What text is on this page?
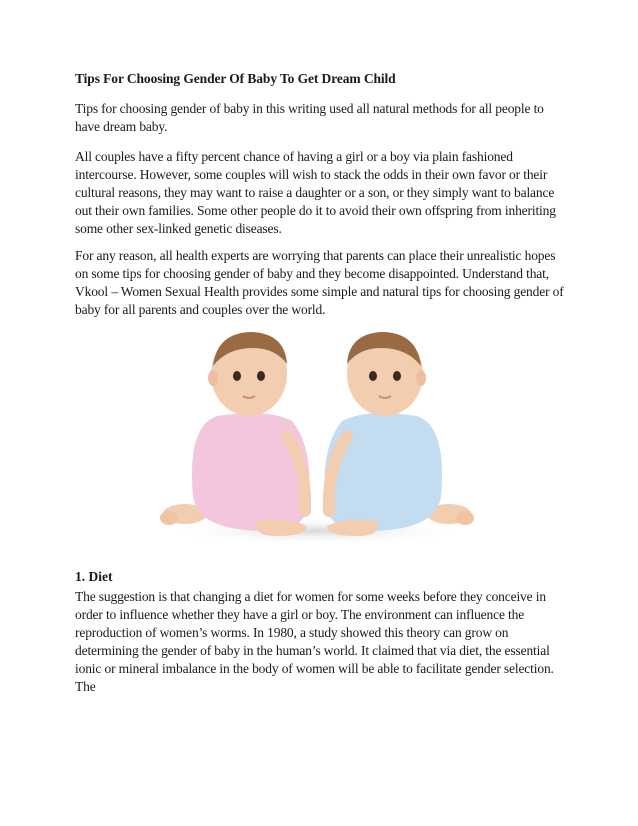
Tips For Choosing Gender Of Baby To Get Dream Child

Tips for choosing gender of baby in this writing used all natural methods for all people to have dream baby.

All couples have a fifty percent chance of having a girl or a boy via plain fashioned intercourse. However, some couples will wish to stack the odds in their own favor or their cultural reasons, they may want to raise a daughter or a son, or they simply want to balance out their own families. Some other people do it to avoid their own offspring from inheriting some other sex-linked genetic diseases.

For any reason, all health experts are worrying that parents can place their unrealistic hopes on some tips for choosing gender of baby and they become disappointed. Understand that, Vkool – Women Sexual Health provides some simple and natural tips for choosing gender of baby for all parents and couples over the world.

1. Diet

The suggestion is that changing a diet for women for some weeks before they conceive in order to influence whether they have a girl or boy. The environment can influence the reproduction of women’s worms. In 1980, a study showed this theory can grow on determining the gender of baby in the human’s world. It claimed that via diet, the essential ionic or mineral imbalance in the body of women will be able to facilitate gender selection. The
